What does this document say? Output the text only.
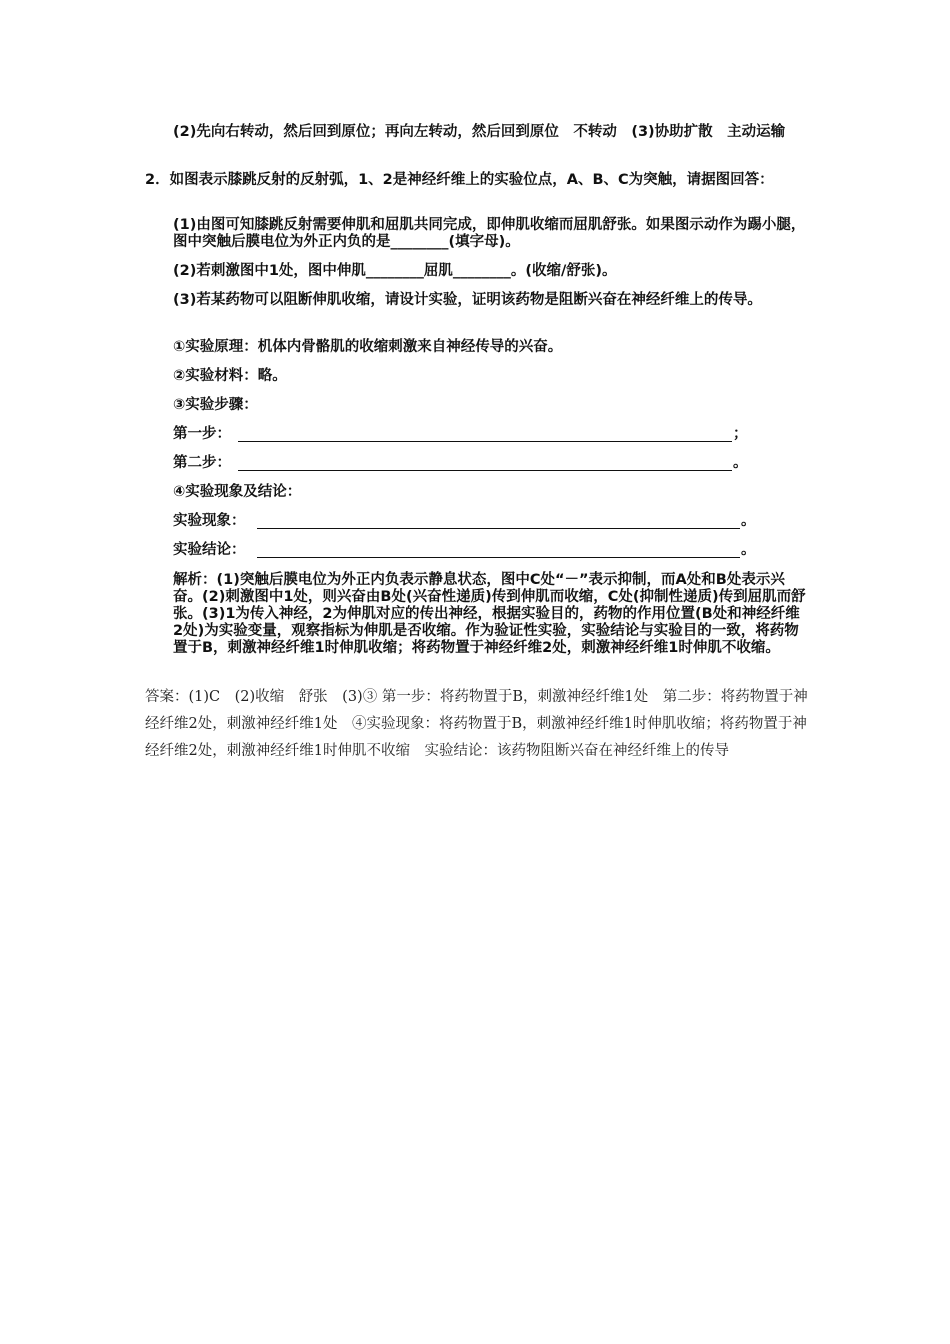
(2)先向右转动，然后回到原位；再向左转动，然后回到原位　不转动　(3)协助扩散　主动运输

2．如图表示膝跳反射的反射弧，1、2是神经纤维上的实验位点，A、B、C为突触，请据图回答：

(1)由图可知膝跳反射需要伸肌和屈肌共同完成，即伸肌收缩而屈肌舒张。如果图示动作为踢小腿，图中突触后膜电位为外正内负的是________(填字母)。

(2)若刺激图中1处，图中伸肌________屈肌________。(收缩/舒张)。

(3)若某药物可以阻断伸肌收缩，请设计实验，证明该药物是阻断兴奋在神经纤维上的传导。

①实验原理：机体内骨骼肌的收缩刺激来自神经传导的兴奋。

②实验材料：略。

③实验步骤：

第一步：	；

第二步：	。

④实验现象及结论：

实验现象：	。

实验结论：	。

解析：(1)突触后膜电位为外正内负表示静息状态，图中C处“－”表示抑制，而A处和B处表示兴奋。(2)刺激图中1处，则兴奋由B处(兴奋性递质)传到伸肌而收缩，C处(抑制性递质)传到屈肌而舒张。(3)1为传入神经，2为伸肌对应的传出神经，根据实验目的，药物的作用位置(B处和神经纤维2处)为实验变量，观察指标为伸肌是否收缩。作为验证性实验，实验结论与实验目的一致，将药物置于B，刺激神经纤维1时伸肌收缩；将药物置于神经纤维2处，刺激神经纤维1时伸肌不收缩。

答案：(1)C　(2)收缩　舒张　(3)③ 第一步：将药物置于B，刺激神经纤维1处　第二步：将药物置于神经纤维2处，刺激神经纤维1处　④实验现象：将药物置于B，刺激神经纤维1时伸肌收缩；将药物置于神经纤维2处，刺激神经纤维1时伸肌不收缩　实验结论：该药物阻断兴奋在神经纤维上的传导
